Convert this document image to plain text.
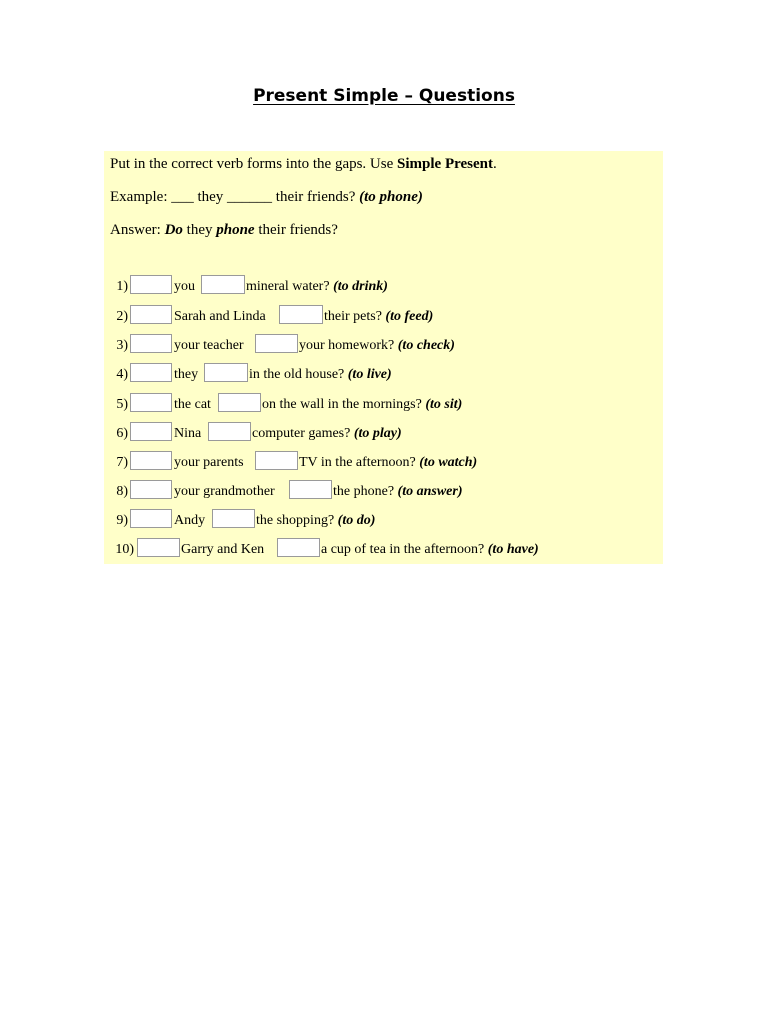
Present Simple – Questions
Put in the correct verb forms into the gaps. Use Simple Present.
Example: ___ they ______ their friends? (to phone)
Answer: Do they phone their friends?
1)	you	mineral water? (to drink)
2)	Sarah and Linda	their pets? (to feed)
3)	your teacher	your homework? (to check)
4)	they	in the old house? (to live)
5)	the cat	on the wall in the mornings? (to sit)
6)	Nina	computer games? (to play)
7)	your parents	TV in the afternoon? (to watch)
8)	your grandmother	the phone? (to answer)
9)	Andy	the shopping? (to do)
10)	Garry and Ken	a cup of tea in the afternoon? (to have)
